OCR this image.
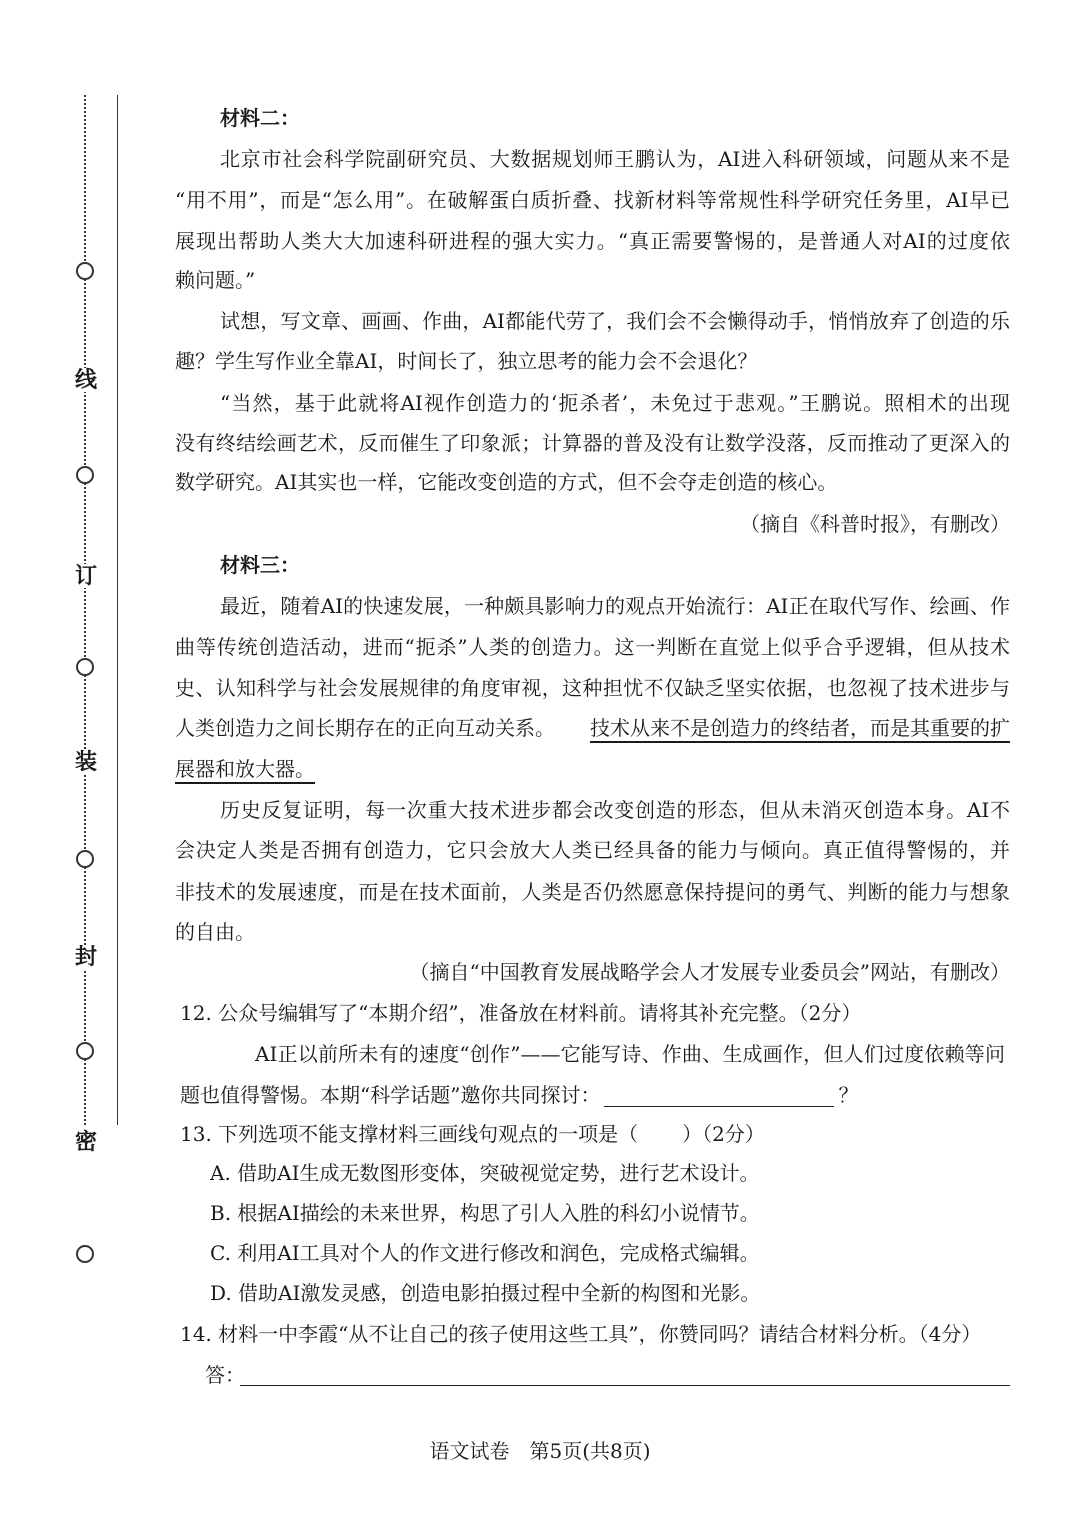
线
订
装
封
密
材料二：
北京市社会科学院副研究员、大数据规划师王鹏认为，AI进入科研领域，问题从来不是
“用不用”，而是“怎么用”。在破解蛋白质折叠、找新材料等常规性科学研究任务里，AI早已
展现出帮助人类大大加速科研进程的强大实力。“真正需要警惕的，是普通人对AI的过度依
赖问题。”
试想，写文章、画画、作曲，AI都能代劳了，我们会不会懒得动手，悄悄放弃了创造的乐
趣？学生写作业全靠AI，时间长了，独立思考的能力会不会退化？
“当然，基于此就将AI视作创造力的‘扼杀者’，未免过于悲观。”王鹏说。照相术的出现
没有终结绘画艺术，反而催生了印象派；计算器的普及没有让数学没落，反而推动了更深入的
数学研究。AI其实也一样，它能改变创造的方式，但不会夺走创造的核心。
（摘自《科普时报》，有删改）
材料三：
最近，随着AI的快速发展，一种颇具影响力的观点开始流行：AI正在取代写作、绘画、作
曲等传统创造活动，进而“扼杀”人类的创造力。这一判断在直觉上似乎合乎逻辑，但从技术
史、认知科学与社会发展规律的角度审视，这种担忧不仅缺乏坚实依据，也忽视了技术进步与
人类创造力之间长期存在的正向互动关系。 技术从来不是创造力的终结者，而是其重要的扩
展器和放大器。
历史反复证明，每一次重大技术进步都会改变创造的形态，但从未消灭创造本身。AI不
会决定人类是否拥有创造力，它只会放大人类已经具备的能力与倾向。真正值得警惕的，并
非技术的发展速度，而是在技术面前，人类是否仍然愿意保持提问的勇气、判断的能力与想象
的自由。
（摘自“中国教育发展战略学会人才发展专业委员会”网站，有删改）
12. 公众号编辑写了“本期介绍”，准备放在材料前。请将其补充完整。（2分）
AI正以前所未有的速度“创作”——它能写诗、作曲、生成画作，但人们过度依赖等问
题也值得警惕。本期“科学话题”邀你共同探讨：	？
13. 下列选项不能支撑材料三画线句观点的一项是（ ）（2分）
A. 借助AI生成无数图形变体，突破视觉定势，进行艺术设计。
B. 根据AI描绘的未来世界，构思了引人入胜的科幻小说情节。
C. 利用AI工具对个人的作文进行修改和润色，完成格式编辑。
D. 借助AI激发灵感，创造电影拍摄过程中全新的构图和光影。
14. 材料一中李霞“从不让自己的孩子使用这些工具”，你赞同吗？请结合材料分析。（4分）
答：
语文试卷　第5页(共8页)
